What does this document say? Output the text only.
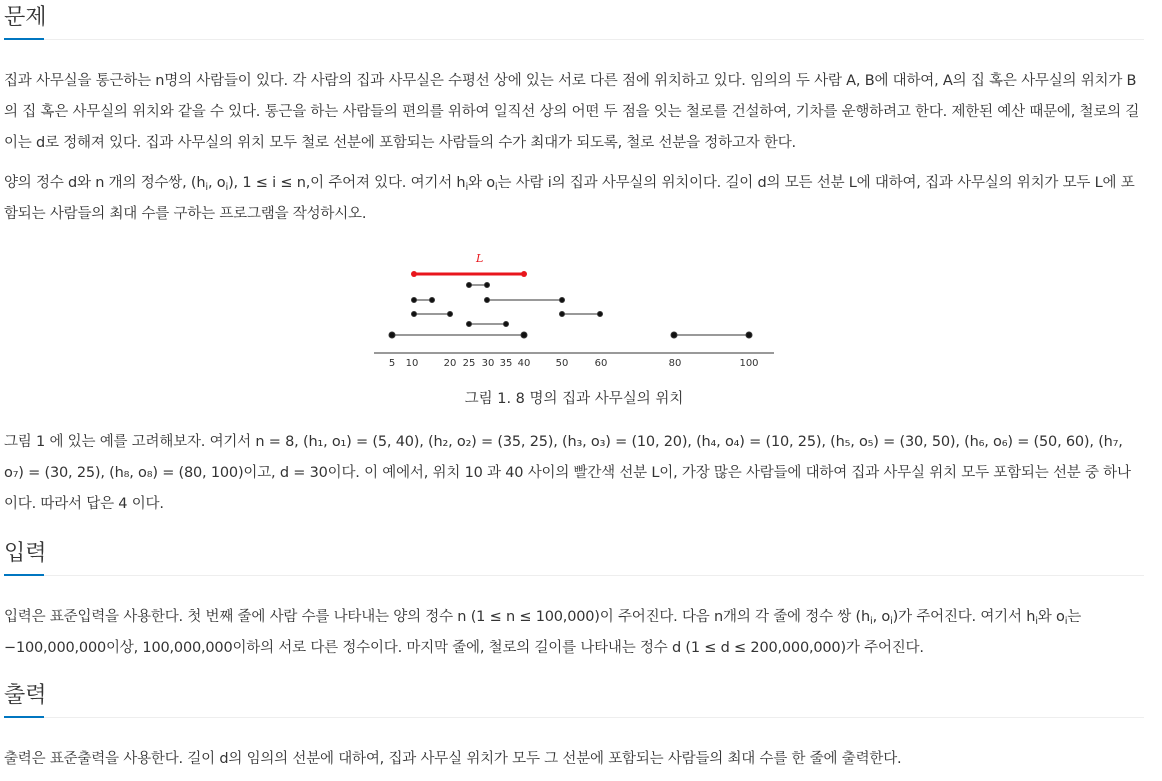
문제

집과 사무실을 통근하는 n명의 사람들이 있다. 각 사람의 집과 사무실은 수평선 상에 있는 서로 다른 점에 위치하고 있다. 임의의 두 사람 A, B에 대하여, A의 집 혹은 사무실의 위치가 B의 집 혹은 사무실의 위치와 같을 수 있다. 통근을 하는 사람들의 편의를 위하여 일직선 상의 어떤 두 점을 잇는 철로를 건설하여, 기차를 운행하려고 한다. 제한된 예산 때문에, 철로의 길이는 d로 정해져 있다. 집과 사무실의 위치 모두 철로 선분에 포함되는 사람들의 수가 최대가 되도록, 철로 선분을 정하고자 한다.

양의 정수 d와 n 개의 정수쌍, ($h_i$, $o_i$), 1 ≤ i ≤ n,이 주어져 있다. 여기서 $h_i$와 $o_i$는 사람 i의 집과 사무실의 위치이다. 길이 d의 모든 선분 L에 대하여, 집과 사무실의 위치가 모두 L에 포함되는 사람들의 최대 수를 구하는 프로그램을 작성하시오.

L
5 10	20 25 30 35 40	50	60	80	100
그림 1. 8 명의 집과 사무실의 위치

그림 1 에 있는 예를 고려해보자. 여기서 n = 8, (h₁, o₁) = (5, 40), (h₂, o₂) = (35, 25), (h₃, o₃) = (10, 20), (h₄, o₄) = (10, 25), (h₅, o₅) = (30, 50), (h₆, o₆) = (50, 60), (h₇, o₇) = (30, 25), (h₈, o₈) = (80, 100)이고, d = 30이다. 이 예에서, 위치 10 과 40 사이의 빨간색 선분 L이, 가장 많은 사람들에 대하여 집과 사무실 위치 모두 포함되는 선분 중 하나이다. 따라서 답은 4 이다.

입력

입력은 표준입력을 사용한다. 첫 번째 줄에 사람 수를 나타내는 양의 정수 n (1 ≤ n ≤ 100,000)이 주어진다. 다음 n개의 각 줄에 정수 쌍 ($h_i$, $o_i$)가 주어진다. 여기서 $h_i$와 $o_i$는 −100,000,000이상, 100,000,000이하의 서로 다른 정수이다. 마지막 줄에, 철로의 길이를 나타내는 정수 d (1 ≤ d ≤ 200,000,000)가 주어진다.

출력

출력은 표준출력을 사용한다. 길이 d의 임의의 선분에 대하여, 집과 사무실 위치가 모두 그 선분에 포함되는 사람들의 최대 수를 한 줄에 출력한다.
